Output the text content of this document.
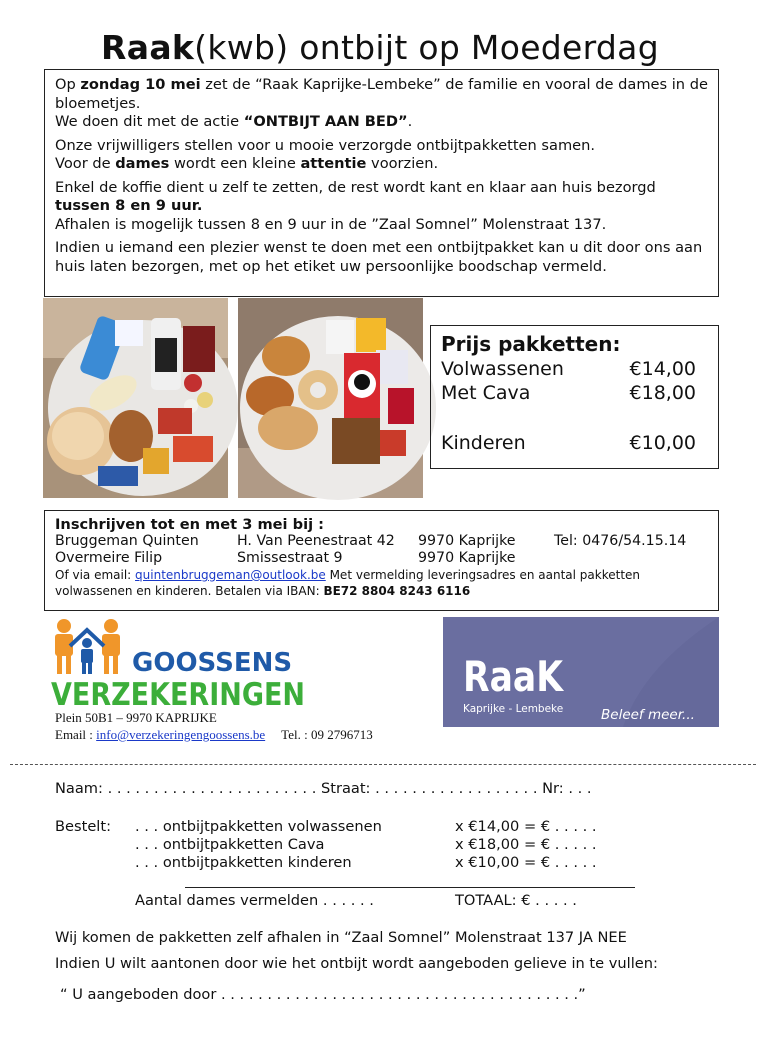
Raak(kwb) ontbijt op Moederdag

Op zondag 10 mei zet de “Raak Kaprijke-Lembeke” de familie en vooral de dames in de bloemetjes.

We doen dit met de actie “ONTBIJT AAN BED”.

Onze vrijwilligers stellen voor u mooie verzorgde ontbijtpakketten samen.

Voor de dames wordt een kleine attentie voorzien.

Enkel de koffie dient u zelf te zetten, de rest wordt kant en klaar aan huis bezorgd

tussen 8 en 9 uur.

Afhalen is mogelijk tussen 8 en 9 uur in de ”Zaal Somnel” Molenstraat 137.

Indien u iemand een plezier wenst te doen met een ontbijtpakket kan u dit door ons aan huis laten bezorgen, met op het etiket uw persoonlijke boodschap vermeld.

Prijs pakketten:
Volwassenen	€14,00
Met Cava	€18,00
Kinderen	€10,00
Inschrijven tot en met 3 mei bij :
Bruggeman Quinten	H. Van Peenestraat 42	9970 Kaprijke	Tel: 0476/54.15.14
Overmeire Filip	Smissestraat 9	9970 Kaprijke
Of via email: quintenbruggeman@outlook.be Met vermelding leveringsadres en aantal pakketten
volwassenen en kinderen. Betalen via IBAN: BE72 8804 8243 6116
GOOSSENS
VERZEKERINGEN
Plein 50B1 – 9970 KAPRIJKE
Email : info@verzekeringengoossens.be Tel. : 09 2796713
RaaK
Kaprijke - Lembeke	Beleef meer...
Naam: . . . . . . . . . . . . . . . . . . . . . . . Straat: . . . . . . . . . . . . . . . . . . Nr: . . .
Bestelt: . . . ontbijtpakketten volwassenen	x €14,00 = € . . . . .
. . . ontbijtpakketten Cava	x €18,00 = € . . . . .
. . . ontbijtpakketten kinderen	x €10,00 = € . . . . .
Aantal dames vermelden . . . . . .	TOTAAL: € . . . . .
Wij komen de pakketten zelf afhalen in “Zaal Somnel” Molenstraat 137 JA NEE
Indien U wilt aantonen door wie het ontbijt wordt aangeboden gelieve in te vullen:
“ U aangeboden door . . . . . . . . . . . . . . . . . . . . . . . . . . . . . . . . . . . . . . .”
